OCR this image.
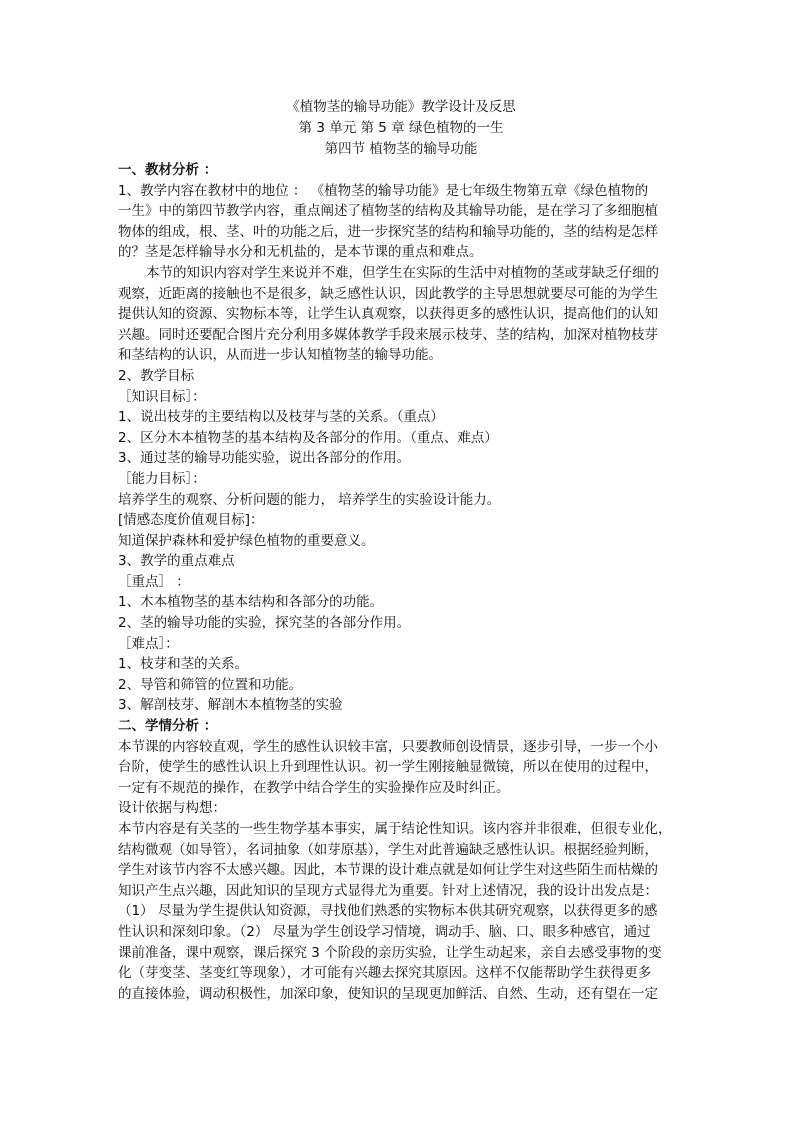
《植物茎的输导功能》教学设计及反思
第 3 单元 第 5 章 绿色植物的一生
第四节 植物茎的输导功能
一、教材分析 ：
1、教学内容在教材中的地位 ： 《植物茎的输导功能》是七年级生物第五章《绿色植物的
一生》中的第四节教学内容，重点阐述了植物茎的结构及其输导功能，是在学习了多细胞植
物体的组成，根、茎、叶的功能之后，进一步探究茎的结构和输导功能的，茎的结构是怎样
的？茎是怎样输导水分和无机盐的，是本节课的重点和难点。
本节的知识内容对学生来说并不难，但学生在实际的生活中对植物的茎或芽缺乏仔细的
观察，近距离的接触也不是很多，缺乏感性认识，因此教学的主导思想就要尽可能的为学生
提供认知的资源、实物标本等，让学生认真观察，以获得更多的感性认识，提高他们的认知
兴趣。同时还要配合图片充分利用多媒体教学手段来展示枝芽、茎的结构，加深对植物枝芽
和茎结构的认识，从而进一步认知植物茎的输导功能。
2、教学目标
［知识目标］：
1、说出枝芽的主要结构以及枝芽与茎的关系。（重点）
2、区分木本植物茎的基本结构及各部分的作用。（重点、难点）
3、通过茎的输导功能实验，说出各部分的作用。
［能力目标］：
培养学生的观察、分析问题的能力， 培养学生的实验设计能力。
[情感态度价值观目标]：
知道保护森林和爱护绿色植物的重要意义。
3、教学的重点难点
［重点］ ：
1、木本植物茎的基本结构和各部分的功能。
2、茎的输导功能的实验，探究茎的各部分作用。
［难点］：
1、枝芽和茎的关系。
2、导管和筛管的位置和功能。
3、解剖枝芽、解剖木本植物茎的实验
二、学情分析 ：
本节课的内容较直观，学生的感性认识较丰富，只要教师创设情景，逐步引导，一步一个小
台阶，使学生的感性认识上升到理性认识。初一学生刚接触显微镜，所以在使用的过程中，
一定有不规范的操作，在教学中结合学生的实验操作应及时纠正。
设计依据与构想：
本节内容是有关茎的一些生物学基本事实，属于结论性知识。该内容并非很难，但很专业化，
结构微观（如导管），名词抽象（如芽原基），学生对此普遍缺乏感性认识。根据经验判断，
学生对该节内容不太感兴趣。因此，本节课的设计难点就是如何让学生对这些陌生而枯燥的
知识产生点兴趣，因此知识的呈现方式显得尤为重要。针对上述情况，我的设计出发点是：
（1） 尽量为学生提供认知资源，寻找他们熟悉的实物标本供其研究观察，以获得更多的感
性认识和深刻印象。（2） 尽量为学生创设学习情境，调动手、脑、口、眼多种感官，通过
课前准备，课中观察，课后探究 3 个阶段的亲历实验，让学生动起来，亲自去感受事物的变
化（芽变茎、茎变红等现象），才可能有兴趣去探究其原因。这样不仅能帮助学生获得更多
的直接体验，调动积极性，加深印象，使知识的呈现更加鲜活、自然、生动，还有望在一定
